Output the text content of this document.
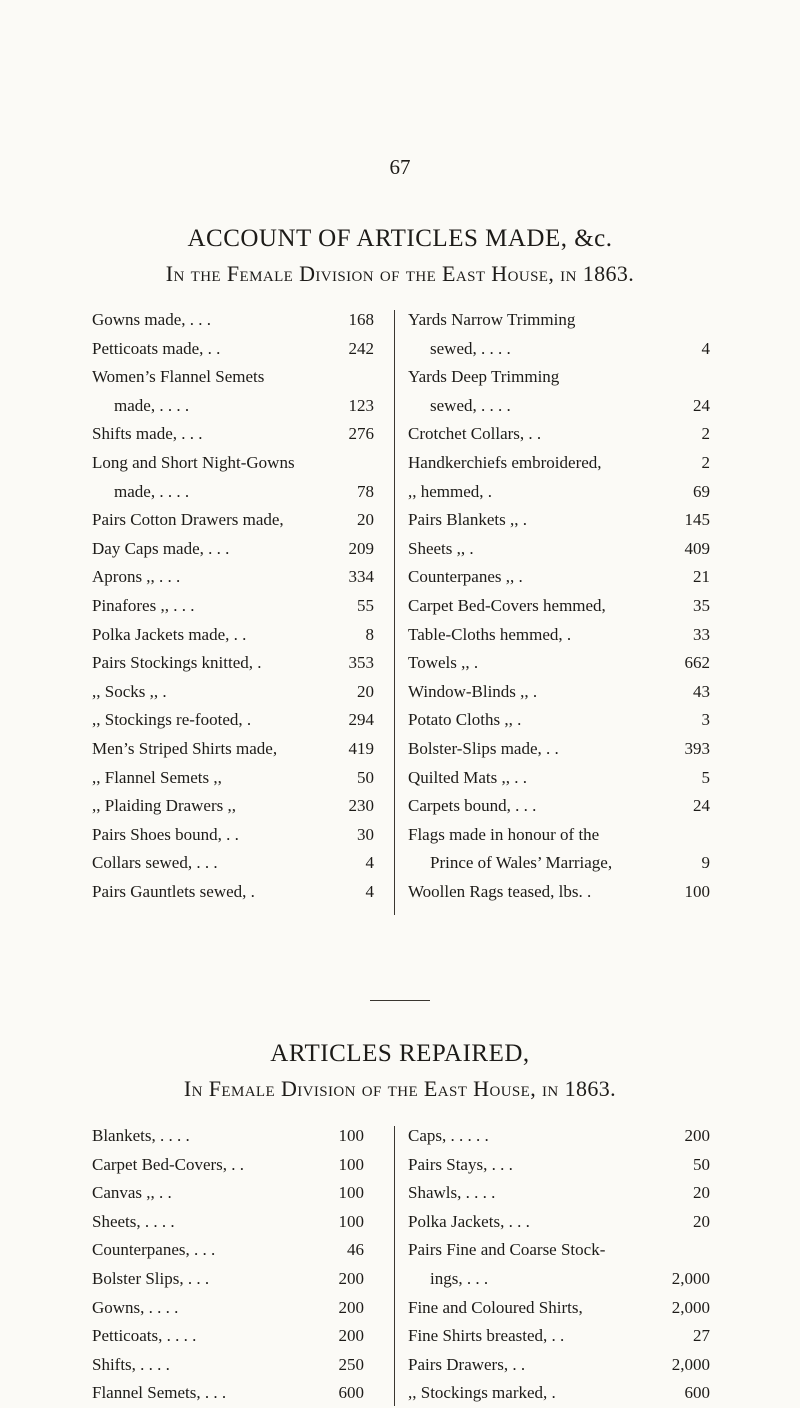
67
ACCOUNT OF ARTICLES MADE, &c.
In the Female Division of the East House, in 1863.
Gowns made, . . .	168
Petticoats made, . .	242
Women’s Flannel Semets
made, . . . .	123
Shifts made, . . .	276
Long and Short Night-Gowns
made, . . . .	78
Pairs Cotton Drawers made,	20
Day Caps made, . . .	209
Aprons ,, . . .	334
Pinafores ,, . . .	55
Polka Jackets made, . .	8
Pairs Stockings knitted, .	353
,, Socks ,, .	20
,, Stockings re-footed, .	294
Men’s Striped Shirts made,	419
,, Flannel Semets ,,	50
,, Plaiding Drawers ,,	230
Pairs Shoes bound, . .	30
Collars sewed, . . .	4
Pairs Gauntlets sewed, .	4
Yards Narrow Trimming
sewed, . . . .	4
Yards Deep Trimming
sewed, . . . .	24
Crotchet Collars, . .	2
Handkerchiefs embroidered,	2
,, hemmed, .	69
Pairs Blankets ,, .	145
Sheets ,, .	409
Counterpanes ,, .	21
Carpet Bed-Covers hemmed,	35
Table-Cloths hemmed, .	33
Towels ,, .	662
Window-Blinds ,, .	43
Potato Cloths ,, .	3
Bolster-Slips made, . .	393
Quilted Mats ,, . .	5
Carpets bound, . . .	24
Flags made in honour of the
Prince of Wales’ Marriage,	9
Woollen Rags teased, lbs. .	100
ARTICLES REPAIRED,
In Female Division of the East House, in 1863.
Blankets, . . . .	100
Carpet Bed-Covers, . .	100
Canvas ,, . .	100
Sheets, . . . .	100
Counterpanes, . . .	46
Bolster Slips, . . .	200
Gowns, . . . .	200
Petticoats, . . . .	200
Shifts, . . . .	250
Flannel Semets, . . .	600
Caps, . . . . .	200
Pairs Stays, . . .	50
Shawls, . . . .	20
Polka Jackets, . . .	20
Pairs Fine and Coarse Stock-
ings, . . .	2,000
Fine and Coloured Shirts,	2,000
Fine Shirts breasted, . .	27
Pairs Drawers, . .	2,000
,, Stockings marked, .	600
